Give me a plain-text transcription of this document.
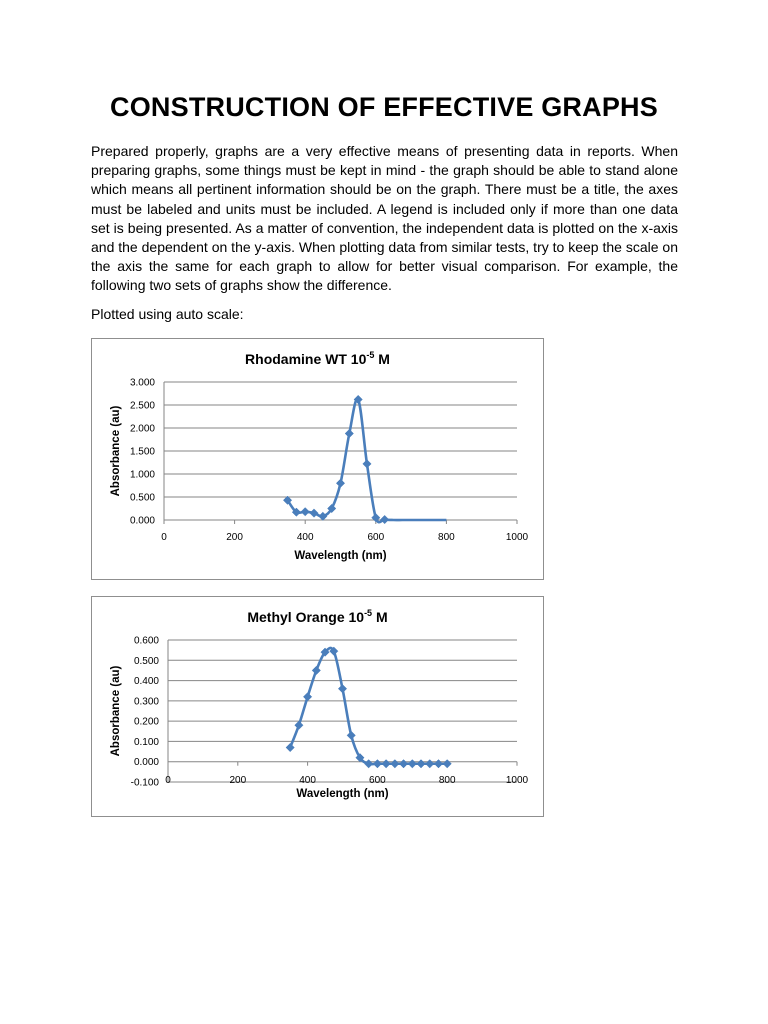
CONSTRUCTION OF EFFECTIVE GRAPHS

Prepared properly, graphs are a very effective means of presenting data in reports. When preparing graphs, some things must be kept in mind - the graph should be able to stand alone which means all pertinent information should be on the graph. There must be a title, the axes must be labeled and units must be included. A legend is included only if more than one data set is being presented. As a matter of convention, the independent data is plotted on the x-axis and the dependent on the y-axis. When plotting data from similar tests, try to keep the scale on the axis the same for each graph to allow for better visual comparison. For example, the following two sets of graphs show the difference.

Plotted using auto scale:

Rhodamine WT $10^{-5}$ M
0.000
0.500
1.000
1.500
2.000
2.500
3.000
0	200	400	600	800	1000
Wavelength (nm)
Absorbance (au)
Methyl Orange $10^{-5}$ M
-0.100
0.000
0.100
0.200
0.300
0.400
0.500
0.600
0	200	400	600	800	1000
Wavelength (nm)
Absorbance (au)
